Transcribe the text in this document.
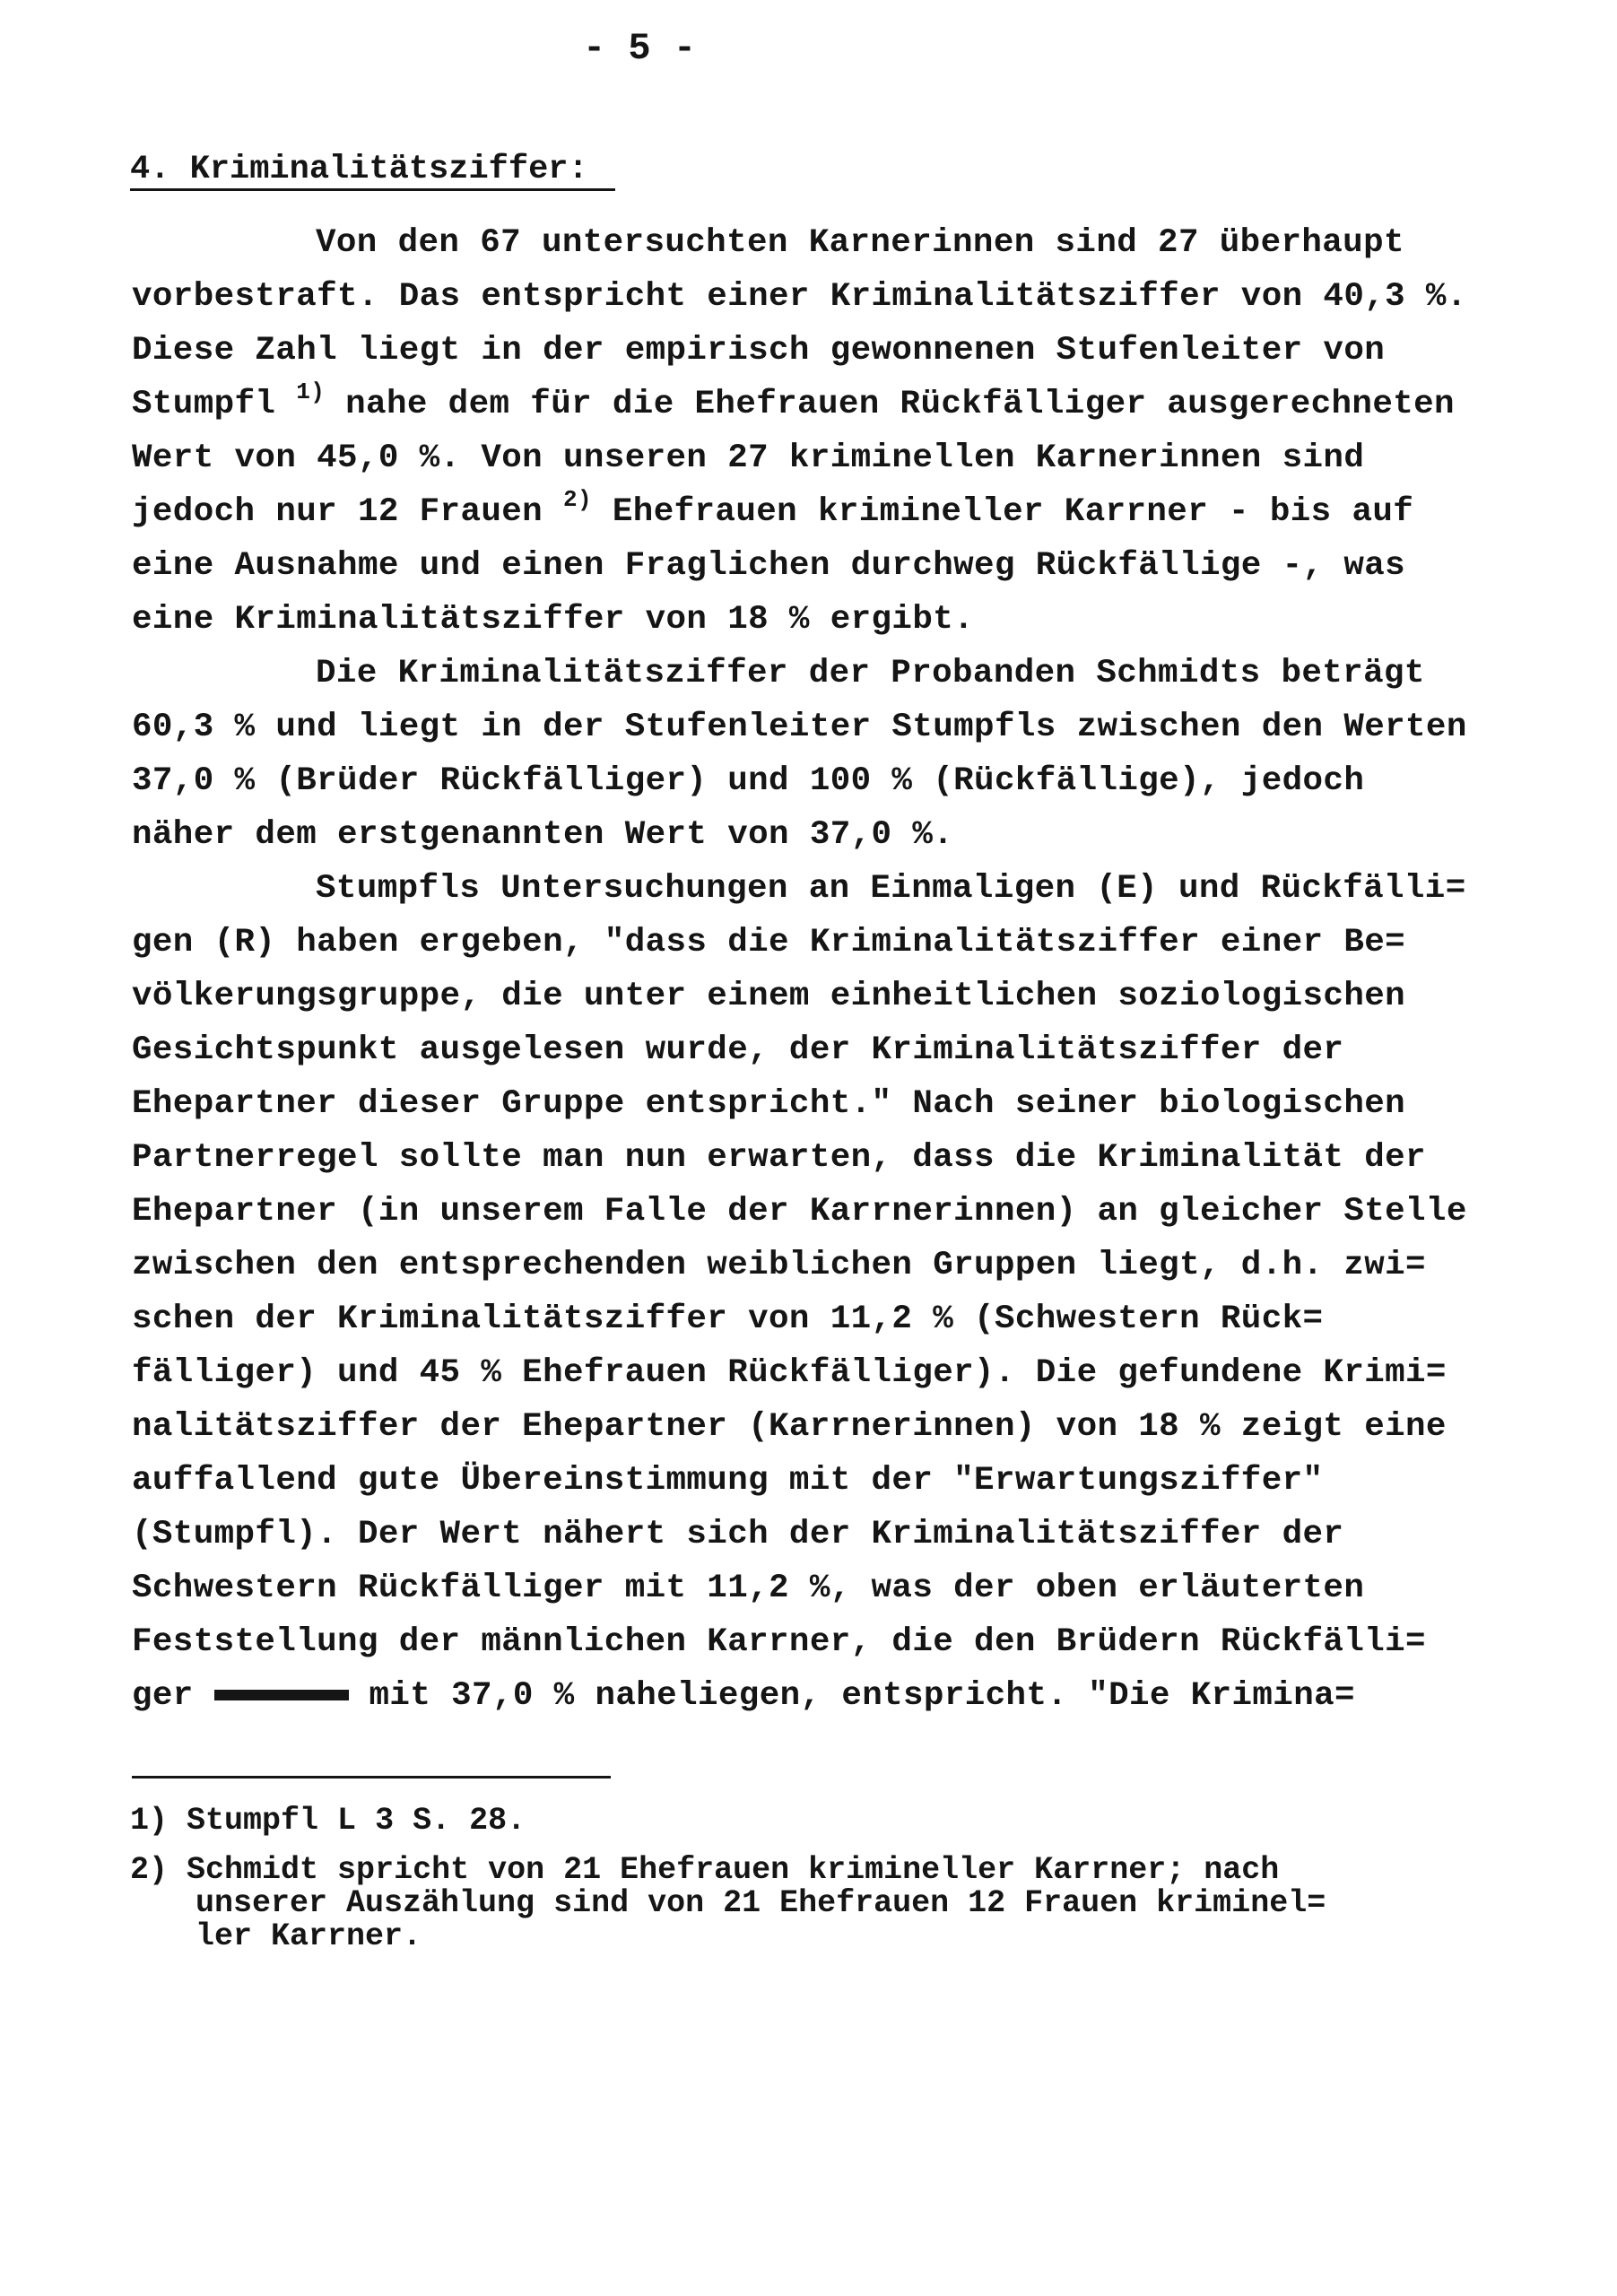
- 5 -
4. Kriminalitätsziffer:
Von den 67 untersuchten Karnerinnen sind 27 überhaupt
vorbestraft. Das entspricht einer Kriminalitätsziffer von 40,3 %.
Diese Zahl liegt in der empirisch gewonnenen Stufenleiter von
Stumpfl $^{1)}$ nahe dem für die Ehefrauen Rückfälliger ausgerechneten
Wert von 45,0 %. Von unseren 27 kriminellen Karnerinnen sind
jedoch nur 12 Frauen $^{2)}$ Ehefrauen krimineller Karrner - bis auf
eine Ausnahme und einen Fraglichen durchweg Rückfällige -, was
eine Kriminalitätsziffer von 18 % ergibt.
Die Kriminalitätsziffer der Probanden Schmidts beträgt
60,3 % und liegt in der Stufenleiter Stumpfls zwischen den Werten
37,0 % (Brüder Rückfälliger) und 100 % (Rückfällige), jedoch
näher dem erstgenannten Wert von 37,0 %.
Stumpfls Untersuchungen an Einmaligen (E) und Rückfälli=
gen (R) haben ergeben, "dass die Kriminalitätsziffer einer Be=
völkerungsgruppe, die unter einem einheitlichen soziologischen
Gesichtspunkt ausgelesen wurde, der Kriminalitätsziffer der
Ehepartner dieser Gruppe entspricht." Nach seiner biologischen
Partnerregel sollte man nun erwarten, dass die Kriminalität der
Ehepartner (in unserem Falle der Karrnerinnen) an gleicher Stelle
zwischen den entsprechenden weiblichen Gruppen liegt, d.h. zwi=
schen der Kriminalitätsziffer von 11,2 % (Schwestern Rück=
fälliger) und 45 % Ehefrauen Rückfälliger). Die gefundene Krimi=
nalitätsziffer der Ehepartner (Karrnerinnen) von 18 % zeigt eine
auffallend gute Übereinstimmung mit der "Erwartungsziffer"
(Stumpfl). Der Wert nähert sich der Kriminalitätsziffer der
Schwestern Rückfälliger mit 11,2 %, was der oben erläuterten
Feststellung der männlichen Karrner, die den Brüdern Rückfälli=
ger	mit 37,0 % naheliegen, entspricht. "Die Krimina=
1) Stumpfl L 3 S. 28.
2) Schmidt spricht von 21 Ehefrauen krimineller Karrner; nach
unserer Auszählung sind von 21 Ehefrauen 12 Frauen kriminel=
ler Karrner.
